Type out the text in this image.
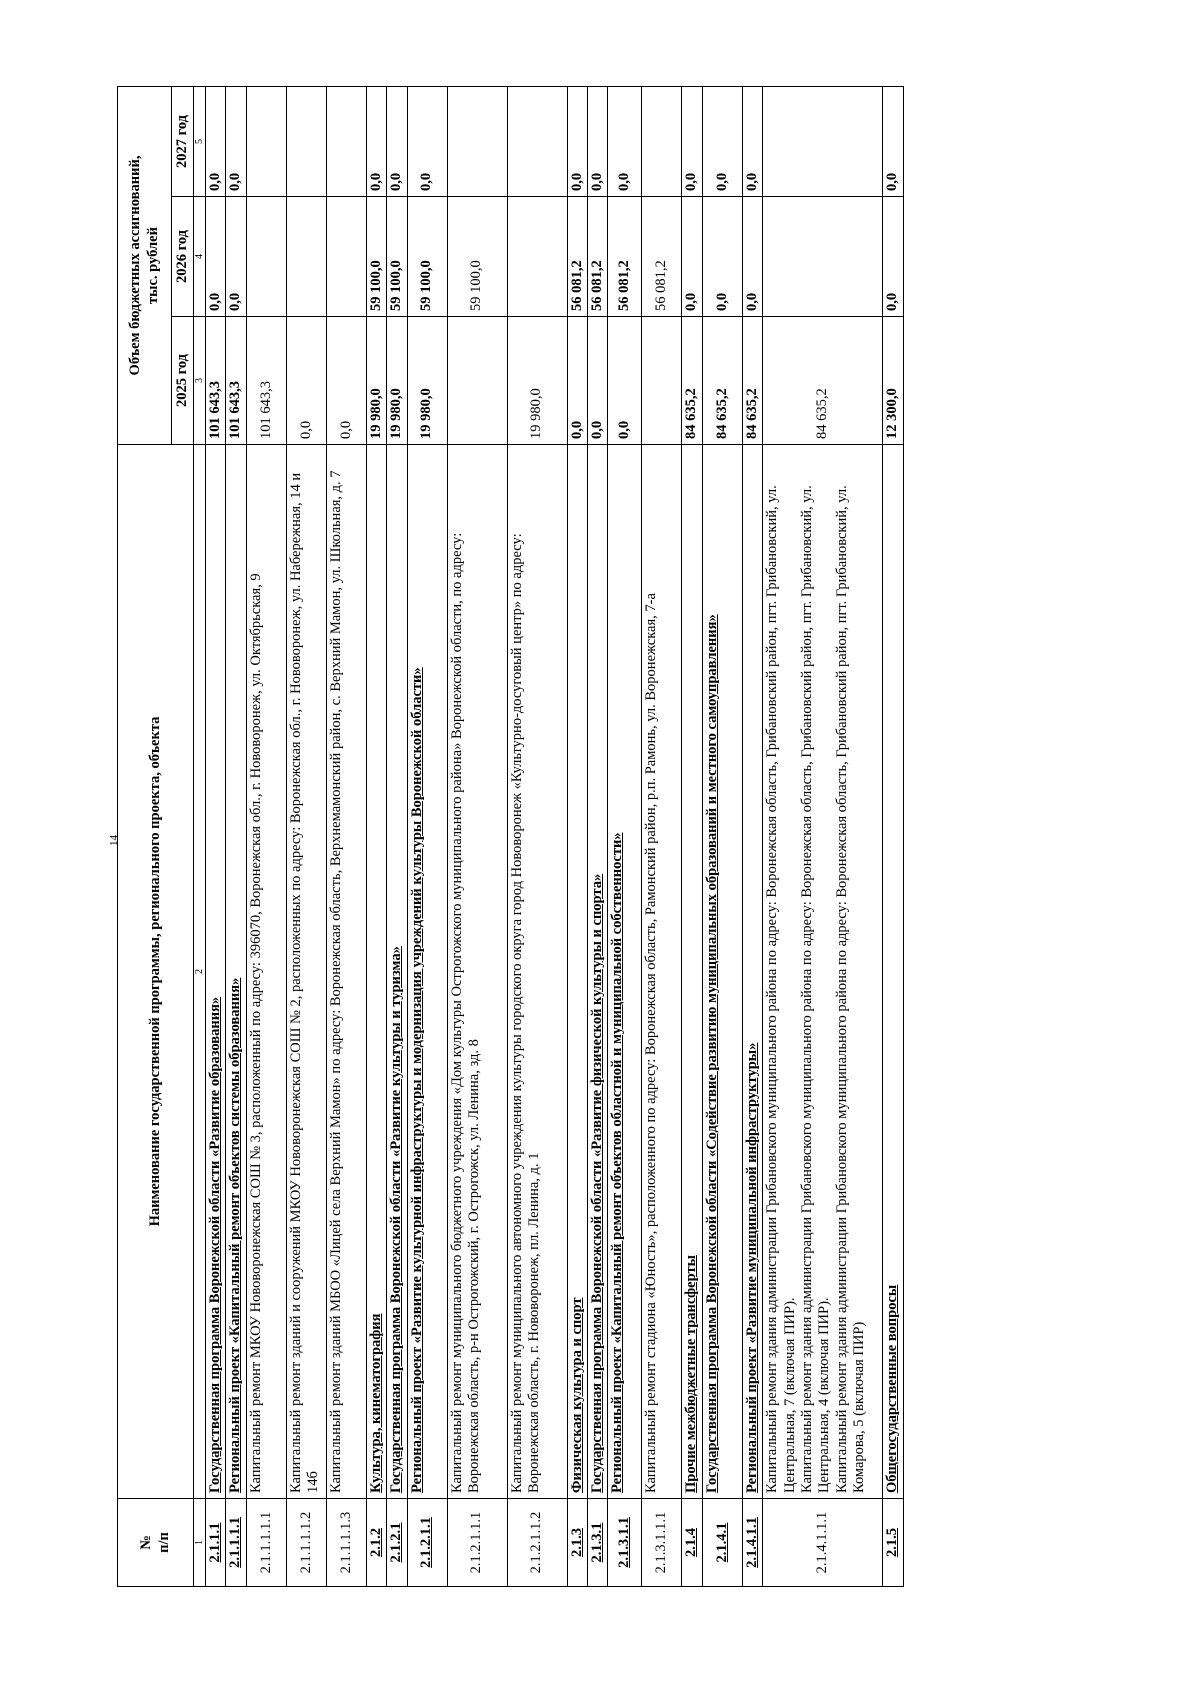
14
№
п/п	Наименование государственной программы, регионального проекта, объекта	Объем бюджетных ассигнований,
тыс. рублей		
		2025 год	2026 год	2027 год
1	2	3	4	5
2.1.1.1	Государственная программа Воронежской области «Развитие образования»	101 643,3	0,0	0,0
2.1.1.1.1	Региональный проект «Капитальный ремонт объектов системы образования»	101 643,3	0,0	0,0
2.1.1.1.1.1	Капитальный ремонт МКОУ Нововоронежская СОШ № 3, расположенный по адресу: 396070, Воронежская обл., г. Нововоронеж, ул. Октябрьская, 9	101 643,3		
2.1.1.1.1.2	Капитальный ремонт зданий и сооружений МКОУ Нововоронежская СОШ № 2, расположенных по адресу: Воронежская обл., г. Нововоронеж, ул. Набережная, 14 и 14б	0,0		
2.1.1.1.1.3	Капитальный ремонт зданий МБОО «Лицей села Верхний Мамон» по адресу: Воронежская область, Верхнемамонский район, с. Верхний Мамон, ул. Школьная, д. 7	0,0		
2.1.2	Культура, кинематография	19 980,0	59 100,0	0,0
2.1.2.1	Государственная программа Воронежской области «Развитие культуры и туризма»	19 980,0	59 100,0	0,0
2.1.2.1.1	Региональный проект «Развитие культурной инфраструктуры и модернизация учреждений культуры Воронежской области»	19 980,0	59 100,0	0,0
2.1.2.1.1.1	Капитальный ремонт муниципального бюджетного учреждения «Дом культуры Острогожского муниципального района» Воронежской области, по адресу: Воронежская область, р-н Острогожский, г. Острогожск, ул. Ленина, зд. 8		59 100,0	
2.1.2.1.1.2	Капитальный ремонт муниципального автономного учреждения культуры городского округа город Нововоронеж «Культурно-досуговый центр» по адресу: Воронежская область, г. Нововоронеж, пл. Ленина, д. 1	19 980,0		
2.1.3	Физическая культура и спорт	0,0	56 081,2	0,0
2.1.3.1	Государственная программа Воронежской области «Развитие физической культуры и спорта»	0,0	56 081,2	0,0
2.1.3.1.1	Региональный проект «Капитальный ремонт объектов областной и муниципальной собственности»	0,0	56 081,2	0,0
2.1.3.1.1.1	Капитальный ремонт стадиона «Юность», расположенного по адресу: Воронежская область, Рамонский район, р.п. Рамонь, ул. Воронежская, 7-а		56 081,2	
2.1.4	Прочие межбюджетные трансферты	84 635,2	0,0	0,0
2.1.4.1	Государственная программа Воронежской области «Содействие развитию муниципальных образований и местного самоуправления»	84 635,2	0,0	0,0
2.1.4.1.1	Региональный проект «Развитие муниципальной инфраструктуры»	84 635,2	0,0	0,0
2.1.4.1.1.1	Капитальный ремонт здания администрации Грибановского муниципального района по адресу: Воронежская область, Грибановский район, пгт. Грибановский, ул. Центральная, 7 (включая ПИР).
Капитальный ремонт здания администрации Грибановского муниципального района по адресу: Воронежская область, Грибановский район, пгт. Грибановский, ул. Центральная, 4 (включая ПИР).
Капитальный ремонт здания администрации Грибановского муниципального района по адресу: Воронежская область, Грибановский район, пгт. Грибановский, ул. Комарова, 5 (включая ПИР)	84 635,2		
2.1.5	Общегосударственные вопросы	12 300,0	0,0	0,0
